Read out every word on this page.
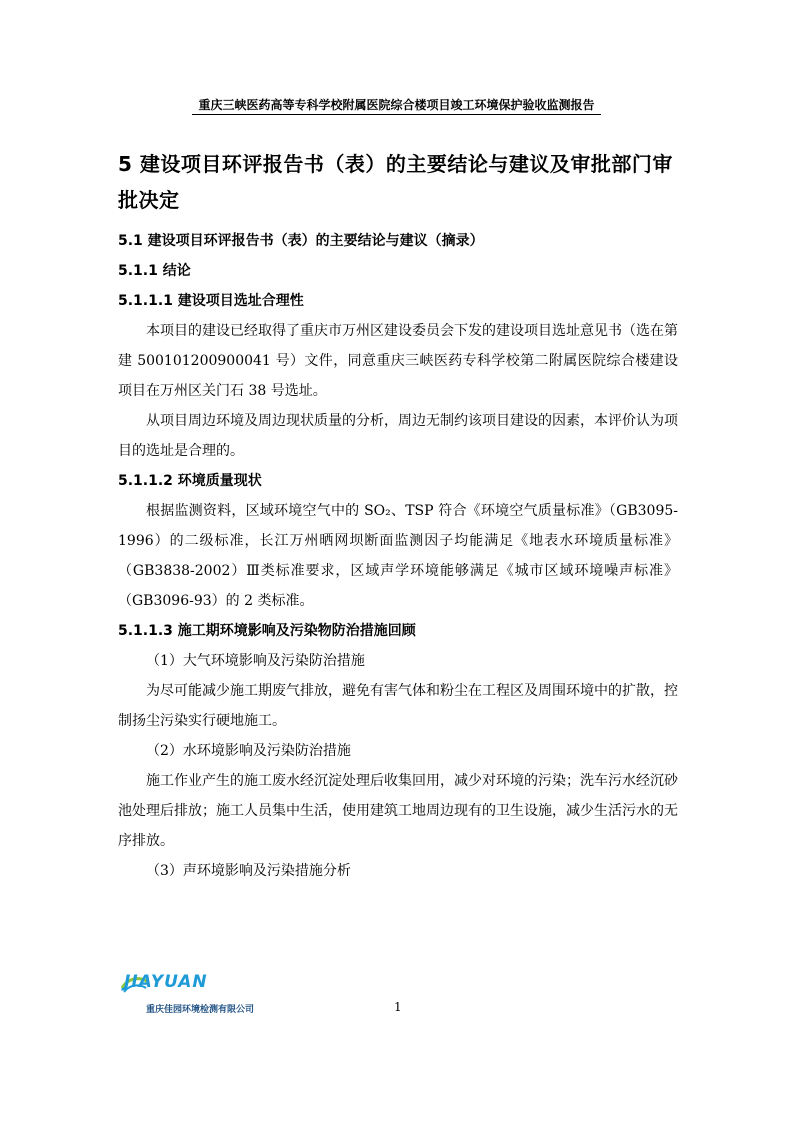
重庆三峡医药高等专科学校附属医院综合楼项目竣工环境保护验收监测报告
5 建设项目环评报告书（表）的主要结论与建议及审批部门审批决定
5.1 建设项目环评报告书（表）的主要结论与建议（摘录）
5.1.1 结论
5.1.1.1 建设项目选址合理性

本项目的建设已经取得了重庆市万州区建设委员会下发的建设项目选址意见书（选在第建 500101200900041 号）文件，同意重庆三峡医药专科学校第二附属医院综合楼建设项目在万州区关门石 38 号选址。

从项目周边环境及周边现状质量的分析，周边无制约该项目建设的因素，本评价认为项目的选址是合理的。

5.1.1.2 环境质量现状

根据监测资料，区域环境空气中的 SO₂、TSP 符合《环境空气质量标准》（GB3095-1996）的二级标准，长江万州晒网坝断面监测因子均能满足《地表水环境质量标准》（GB3838-2002）Ⅲ类标准要求，区域声学环境能够满足《城市区域环境噪声标准》（GB3096-93）的 2 类标准。

5.1.1.3 施工期环境影响及污染物防治措施回顾

（1）大气环境影响及污染防治措施

为尽可能减少施工期废气排放，避免有害气体和粉尘在工程区及周围环境中的扩散，控制扬尘污染实行硬地施工。

（2）水环境影响及污染防治措施

施工作业产生的施工废水经沉淀处理后收集回用，减少对环境的污染；洗车污水经沉砂池处理后排放；施工人员集中生活，使用建筑工地周边现有的卫生设施，减少生活污水的无序排放。

（3）声环境影响及污染措施分析

JIAYUAN
重庆佳园环境检测有限公司	1
